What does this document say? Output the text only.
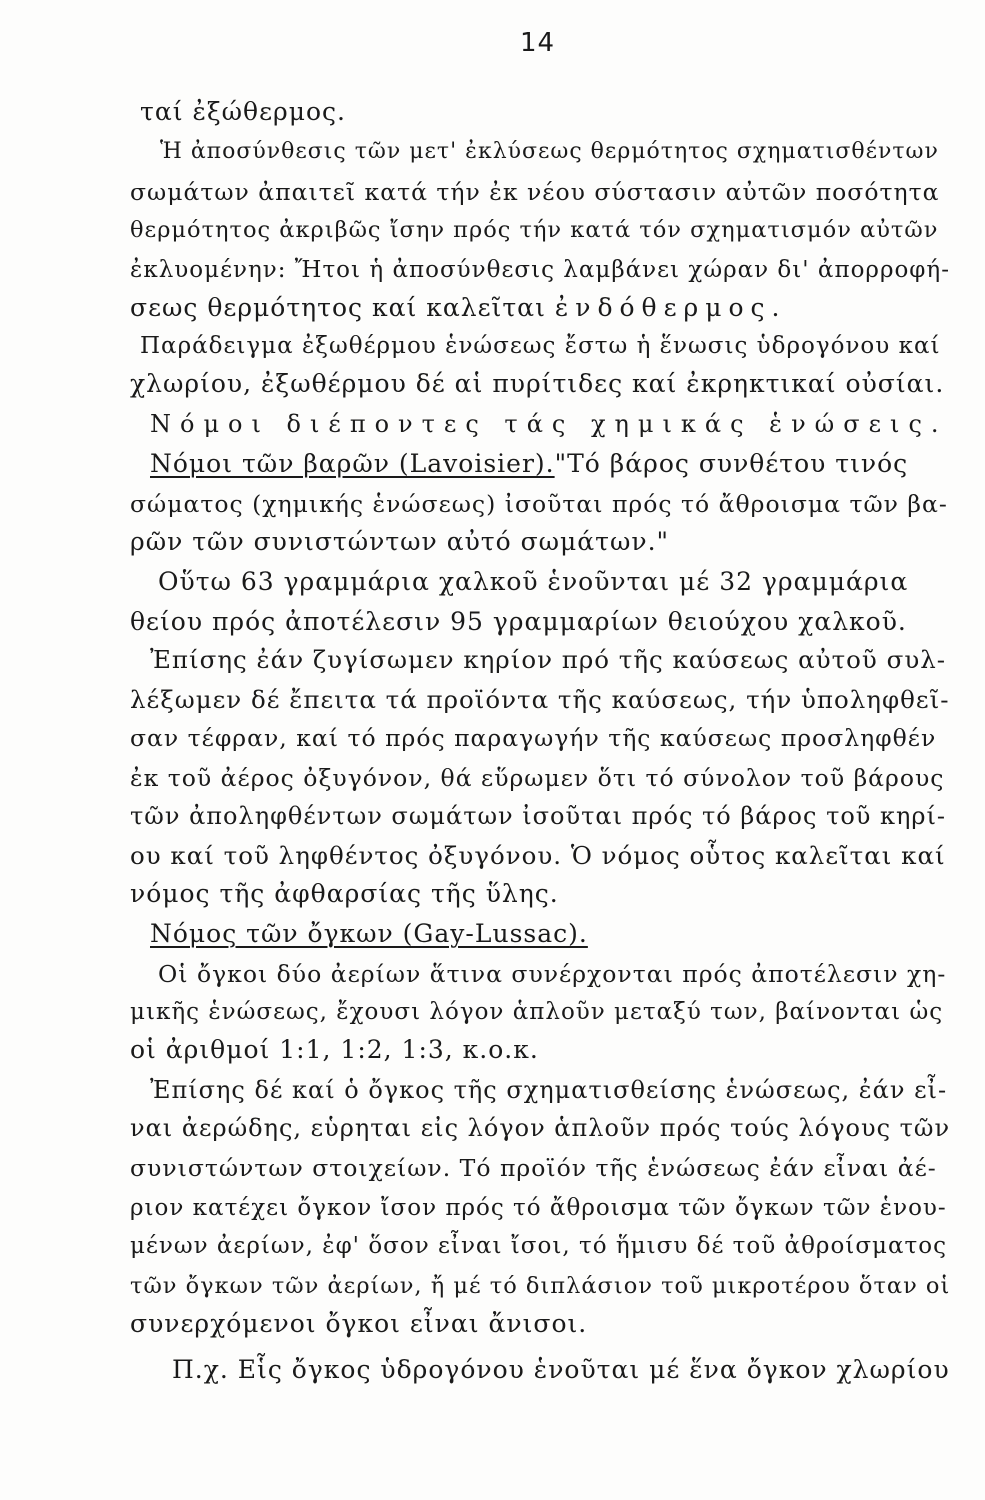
14
ταί ἐξώθερμος.
Ἡ ἀποσύνθεσις τῶν μετ' ἐκλύσεως θερμότητος σχηματισθέντων
σωμάτων ἀπαιτεῖ κατά τήν ἐκ νέου σύστασιν αὐτῶν ποσότητα
θερμότητος ἀκριβῶς ἴσην πρός τήν κατά τόν σχηματισμόν αὐτῶν
ἐκλυομένην: Ἤτοι ἡ ἀποσύνθεσις λαμβάνει χώραν δι' ἀπορροφή-
σεως θερμότητος καί καλεῖται ἐνδόθερμος.
Παράδειγμα ἐξωθέρμου ἑνώσεως ἔστω ἡ ἕνωσις ὑδρογόνου καί
χλωρίου, ἐξωθέρμου δέ αἱ πυρίτιδες καί ἐκρηκτικαί οὐσίαι.
Νόμοι διέποντες τάς χημικάς ἑνώσεις.
Νόμοι τῶν βαρῶν (Lavoisier)."Τό βάρος συνθέτου τινός
σώματος (χημικής ἑνώσεως) ἰσοῦται πρός τό ἄθροισμα τῶν βα-
ρῶν τῶν συνιστώντων αὐτό σωμάτων."
Οὕτω 63 γραμμάρια χαλκοῦ ἑνοῦνται μέ 32 γραμμάρια
θείου πρός ἀποτέλεσιν 95 γραμμαρίων θειούχου χαλκοῦ.
Ἐπίσης ἐάν ζυγίσωμεν κηρίον πρό τῆς καύσεως αὐτοῦ συλ-
λέξωμεν δέ ἔπειτα τά προϊόντα τῆς καύσεως, τήν ὑποληφθεῖ-
σαν τέφραν, καί τό πρός παραγωγήν τῆς καύσεως προσληφθέν
ἐκ τοῦ ἀέρος ὀξυγόνον, θά εὕρωμεν ὅτι τό σύνολον τοῦ βάρους
τῶν ἀποληφθέντων σωμάτων ἰσοῦται πρός τό βάρος τοῦ κηρί-
ου καί τοῦ ληφθέντος ὀξυγόνου. Ὁ νόμος οὗτος καλεῖται καί
νόμος τῆς ἀφθαρσίας τῆς ὕλης.
Νόμος τῶν ὄγκων (Gay-Lussac).
Οἱ ὄγκοι δύο ἀερίων ἅτινα συνέρχονται πρός ἀποτέλεσιν χη-
μικῆς ἑνώσεως, ἔχουσι λόγον ἁπλοῦν μεταξύ των, βαίνονται ὡς
οἱ ἀριθμοί 1:1, 1:2, 1:3, κ.ο.κ.
Ἐπίσης δέ καί ὁ ὄγκος τῆς σχηματισθείσης ἑνώσεως, ἐάν εἶ-
ναι ἀερώδης, εὑρηται εἰς λόγον ἁπλοῦν πρός τούς λόγους τῶν
συνιστώντων στοιχείων. Τό προϊόν τῆς ἑνώσεως ἐάν εἶναι ἀέ-
ριον κατέχει ὄγκον ἴσον πρός τό ἄθροισμα τῶν ὄγκων τῶν ἑνου-
μένων ἀερίων, ἐφ' ὅσον εἶναι ἴσοι, τό ἥμισυ δέ τοῦ ἀθροίσματος
τῶν ὄγκων τῶν ἀερίων, ἤ μέ τό διπλάσιον τοῦ μικροτέρου ὅταν οἱ
συνερχόμενοι ὄγκοι εἶναι ἄνισοι.
Π.χ. Εἷς ὄγκος ὑδρογόνου ἑνοῦται μέ ἕνα ὄγκον χλωρίου
